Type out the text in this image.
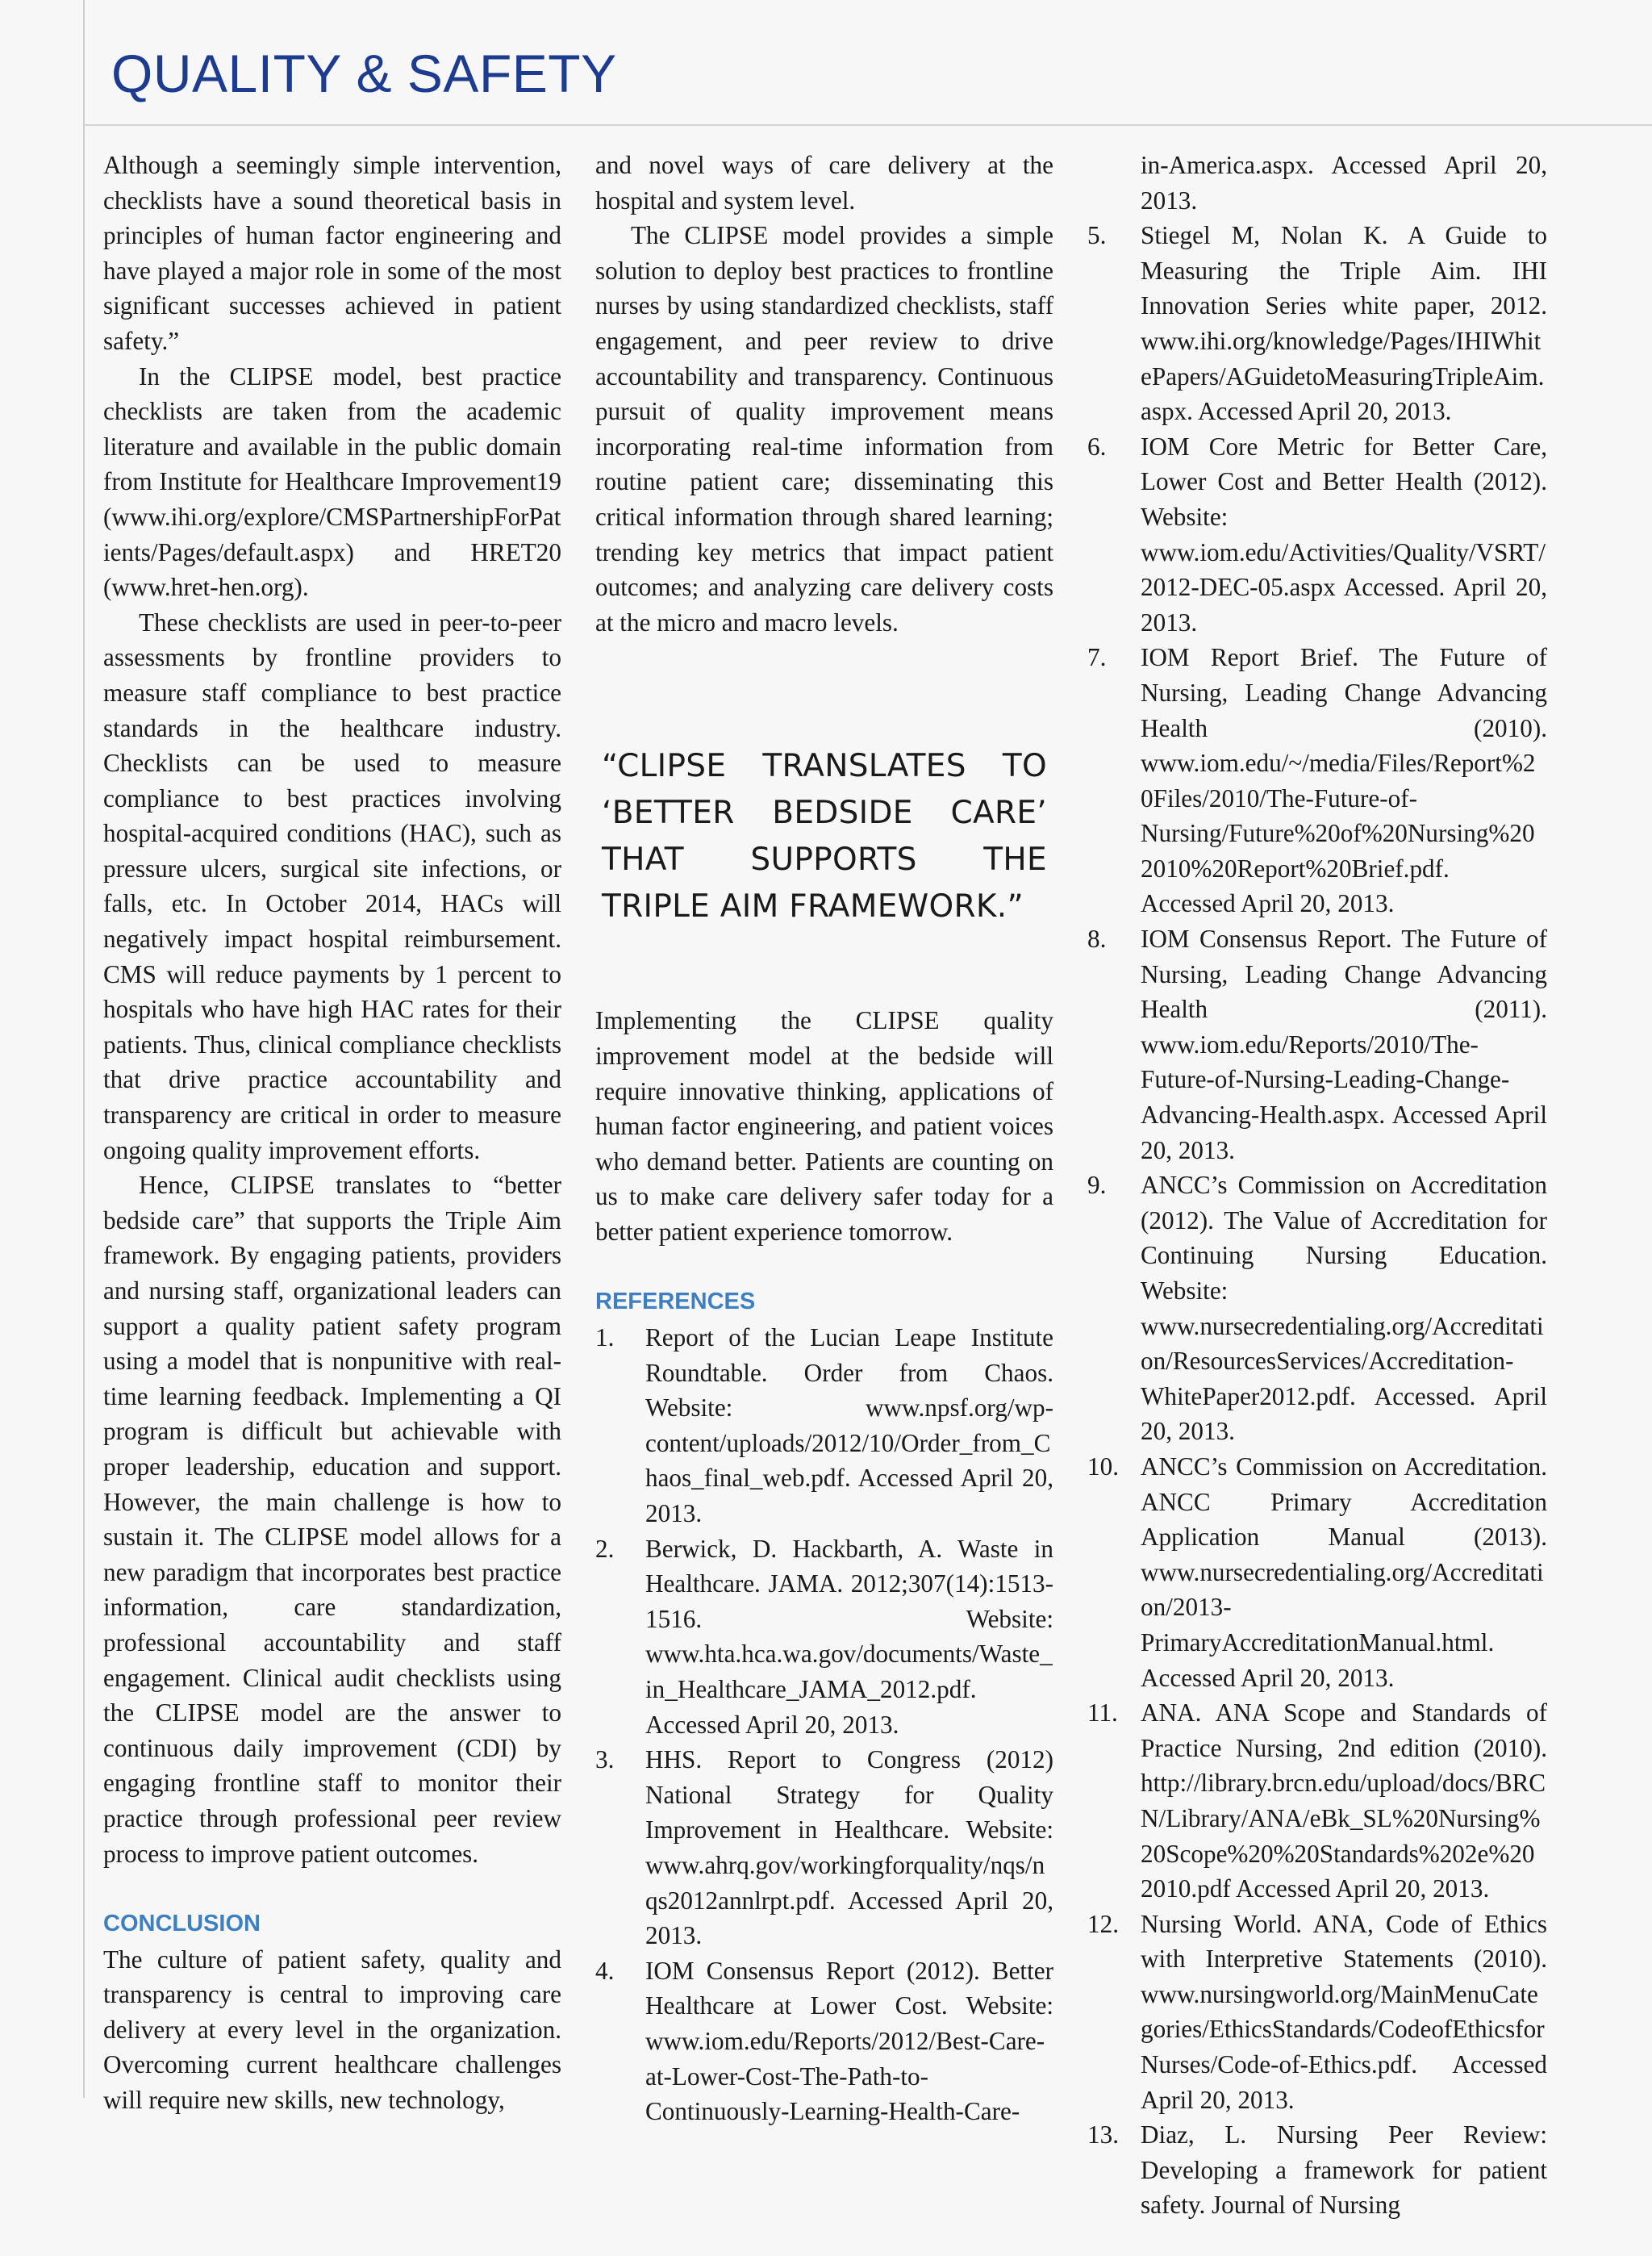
QUALITY & SAFETY

Although a seemingly simple intervention, checklists have a sound theoretical basis in principles of human factor engineering and have played a major role in some of the most significant successes achieved in patient safety.”

In the CLIPSE model, best practice checklists are taken from the academic literature and available in the public domain from Institute for Healthcare Improvement19 (www.ihi.org/explore/CMSPartnershipForPatients/Pages/default.aspx) and HRET20 (www.hret-hen.org).

These checklists are used in peer-to-peer assessments by frontline providers to measure staff compliance to best practice standards in the healthcare industry. Checklists can be used to measure compliance to best practices involving hospital-acquired conditions (HAC), such as pressure ulcers, surgical site infections, or falls, etc. In October 2014, HACs will negatively impact hospital reimbursement. CMS will reduce payments by 1 percent to hospitals who have high HAC rates for their patients. Thus, clinical compliance checklists that drive practice accountability and transparency are critical in order to measure ongoing quality improvement efforts.

Hence, CLIPSE translates to “better bedside care” that supports the Triple Aim framework. By engaging patients, providers and nursing staff, organizational leaders can support a quality patient safety program using a model that is nonpunitive with real-time learning feedback. Implementing a QI program is difficult but achievable with proper leadership, education and support. However, the main challenge is how to sustain it. The CLIPSE model allows for a new paradigm that incorporates best practice information, care standardization, professional accountability and staff engagement. Clinical audit checklists using the CLIPSE model are the answer to continuous daily improvement (CDI) by engaging frontline staff to monitor their practice through professional peer review process to improve patient outcomes.

CONCLUSION

The culture of patient safety, quality and transparency is central to improving care delivery at every level in the organization. Overcoming current healthcare challenges will require new skills, new technology,

and novel ways of care delivery at the hospital and system level.

The CLIPSE model provides a simple solution to deploy best practices to frontline nurses by using standardized checklists, staff engagement, and peer review to drive accountability and transparency. Continuous pursuit of quality improvement means incorporating real-time information from routine patient care; disseminating this critical information through shared learning; trending key metrics that impact patient outcomes; and analyzing care delivery costs at the micro and macro levels.

“CLIPSE TRANSLATES TO ‘BETTER BEDSIDE CARE’ THAT SUPPORTS THE TRIPLE AIM FRAMEWORK.”

Implementing the CLIPSE quality improvement model at the bedside will require innovative thinking, applications of human factor engineering, and patient voices who demand better. Patients are counting on us to make care delivery safer today for a better patient experience tomorrow.

REFERENCES
1. Report of the Lucian Leape Institute Roundtable. Order from Chaos. Website: www.npsf.org/wp-content/uploads/2012/10/Order_from_Chaos_final_web.pdf. Accessed April 20, 2013.
2. Berwick, D. Hackbarth, A. Waste in Healthcare. JAMA. 2012;307(14):1513-1516. Website: www.hta.hca.wa.gov/documents/Waste_in_Healthcare_JAMA_2012.pdf. Accessed April 20, 2013.
3. HHS. Report to Congress (2012) National Strategy for Quality Improvement in Healthcare. Website: www.ahrq.gov/workingforquality/nqs/nqs2012annlrpt.pdf. Accessed April 20, 2013.
4. IOM Consensus Report (2012). Better Healthcare at Lower Cost. Website: www.iom.edu/Reports/2012/Best-Care-at-Lower-Cost-The-Path-to-Continuously-Learning-Health-Care-
in-America.aspx. Accessed April 20, 2013.
5. Stiegel M, Nolan K. A Guide to Measuring the Triple Aim. IHI Innovation Series white paper, 2012. www.ihi.org/knowledge/Pages/IHIWhitePapers/AGuidetoMeasuringTripleAim.aspx. Accessed April 20, 2013.
6. IOM Core Metric for Better Care, Lower Cost and Better Health (2012). Website: www.iom.edu/Activities/Quality/VSRT/2012-DEC-05.aspx Accessed. April 20, 2013.
7. IOM Report Brief. The Future of Nursing, Leading Change Advancing Health (2010). www.iom.edu/~/media/Files/Report%20Files/2010/The-Future-of-Nursing/Future%20of%20Nursing%202010%20Report%20Brief.pdf. Accessed April 20, 2013.
8. IOM Consensus Report. The Future of Nursing, Leading Change Advancing Health (2011). www.iom.edu/Reports/2010/The-Future-of-Nursing-Leading-Change-Advancing-Health.aspx. Accessed April 20, 2013.
9. ANCC’s Commission on Accreditation (2012). The Value of Accreditation for Continuing Nursing Education. Website: www.nursecredentialing.org/Accreditation/ResourcesServices/Accreditation-WhitePaper2012.pdf. Accessed. April 20, 2013.
10. ANCC’s Commission on Accreditation. ANCC Primary Accreditation Application Manual (2013). www.nursecredentialing.org/Accreditation/2013-PrimaryAccreditationManual.html. Accessed April 20, 2013.
11. ANA. ANA Scope and Standards of Practice Nursing, 2nd edition (2010). http://library.brcn.edu/upload/docs/BRCN/Library/ANA/eBk_SL%20Nursing%20Scope%20%20Standards%202e%202010.pdf Accessed April 20, 2013.
12. Nursing World. ANA, Code of Ethics with Interpretive Statements (2010). www.nursingworld.org/MainMenuCategories/EthicsStandards/CodeofEthicsforNurses/Code-of-Ethics.pdf. Accessed April 20, 2013.
13. Diaz, L. Nursing Peer Review: Developing a framework for patient safety. Journal of Nursing
